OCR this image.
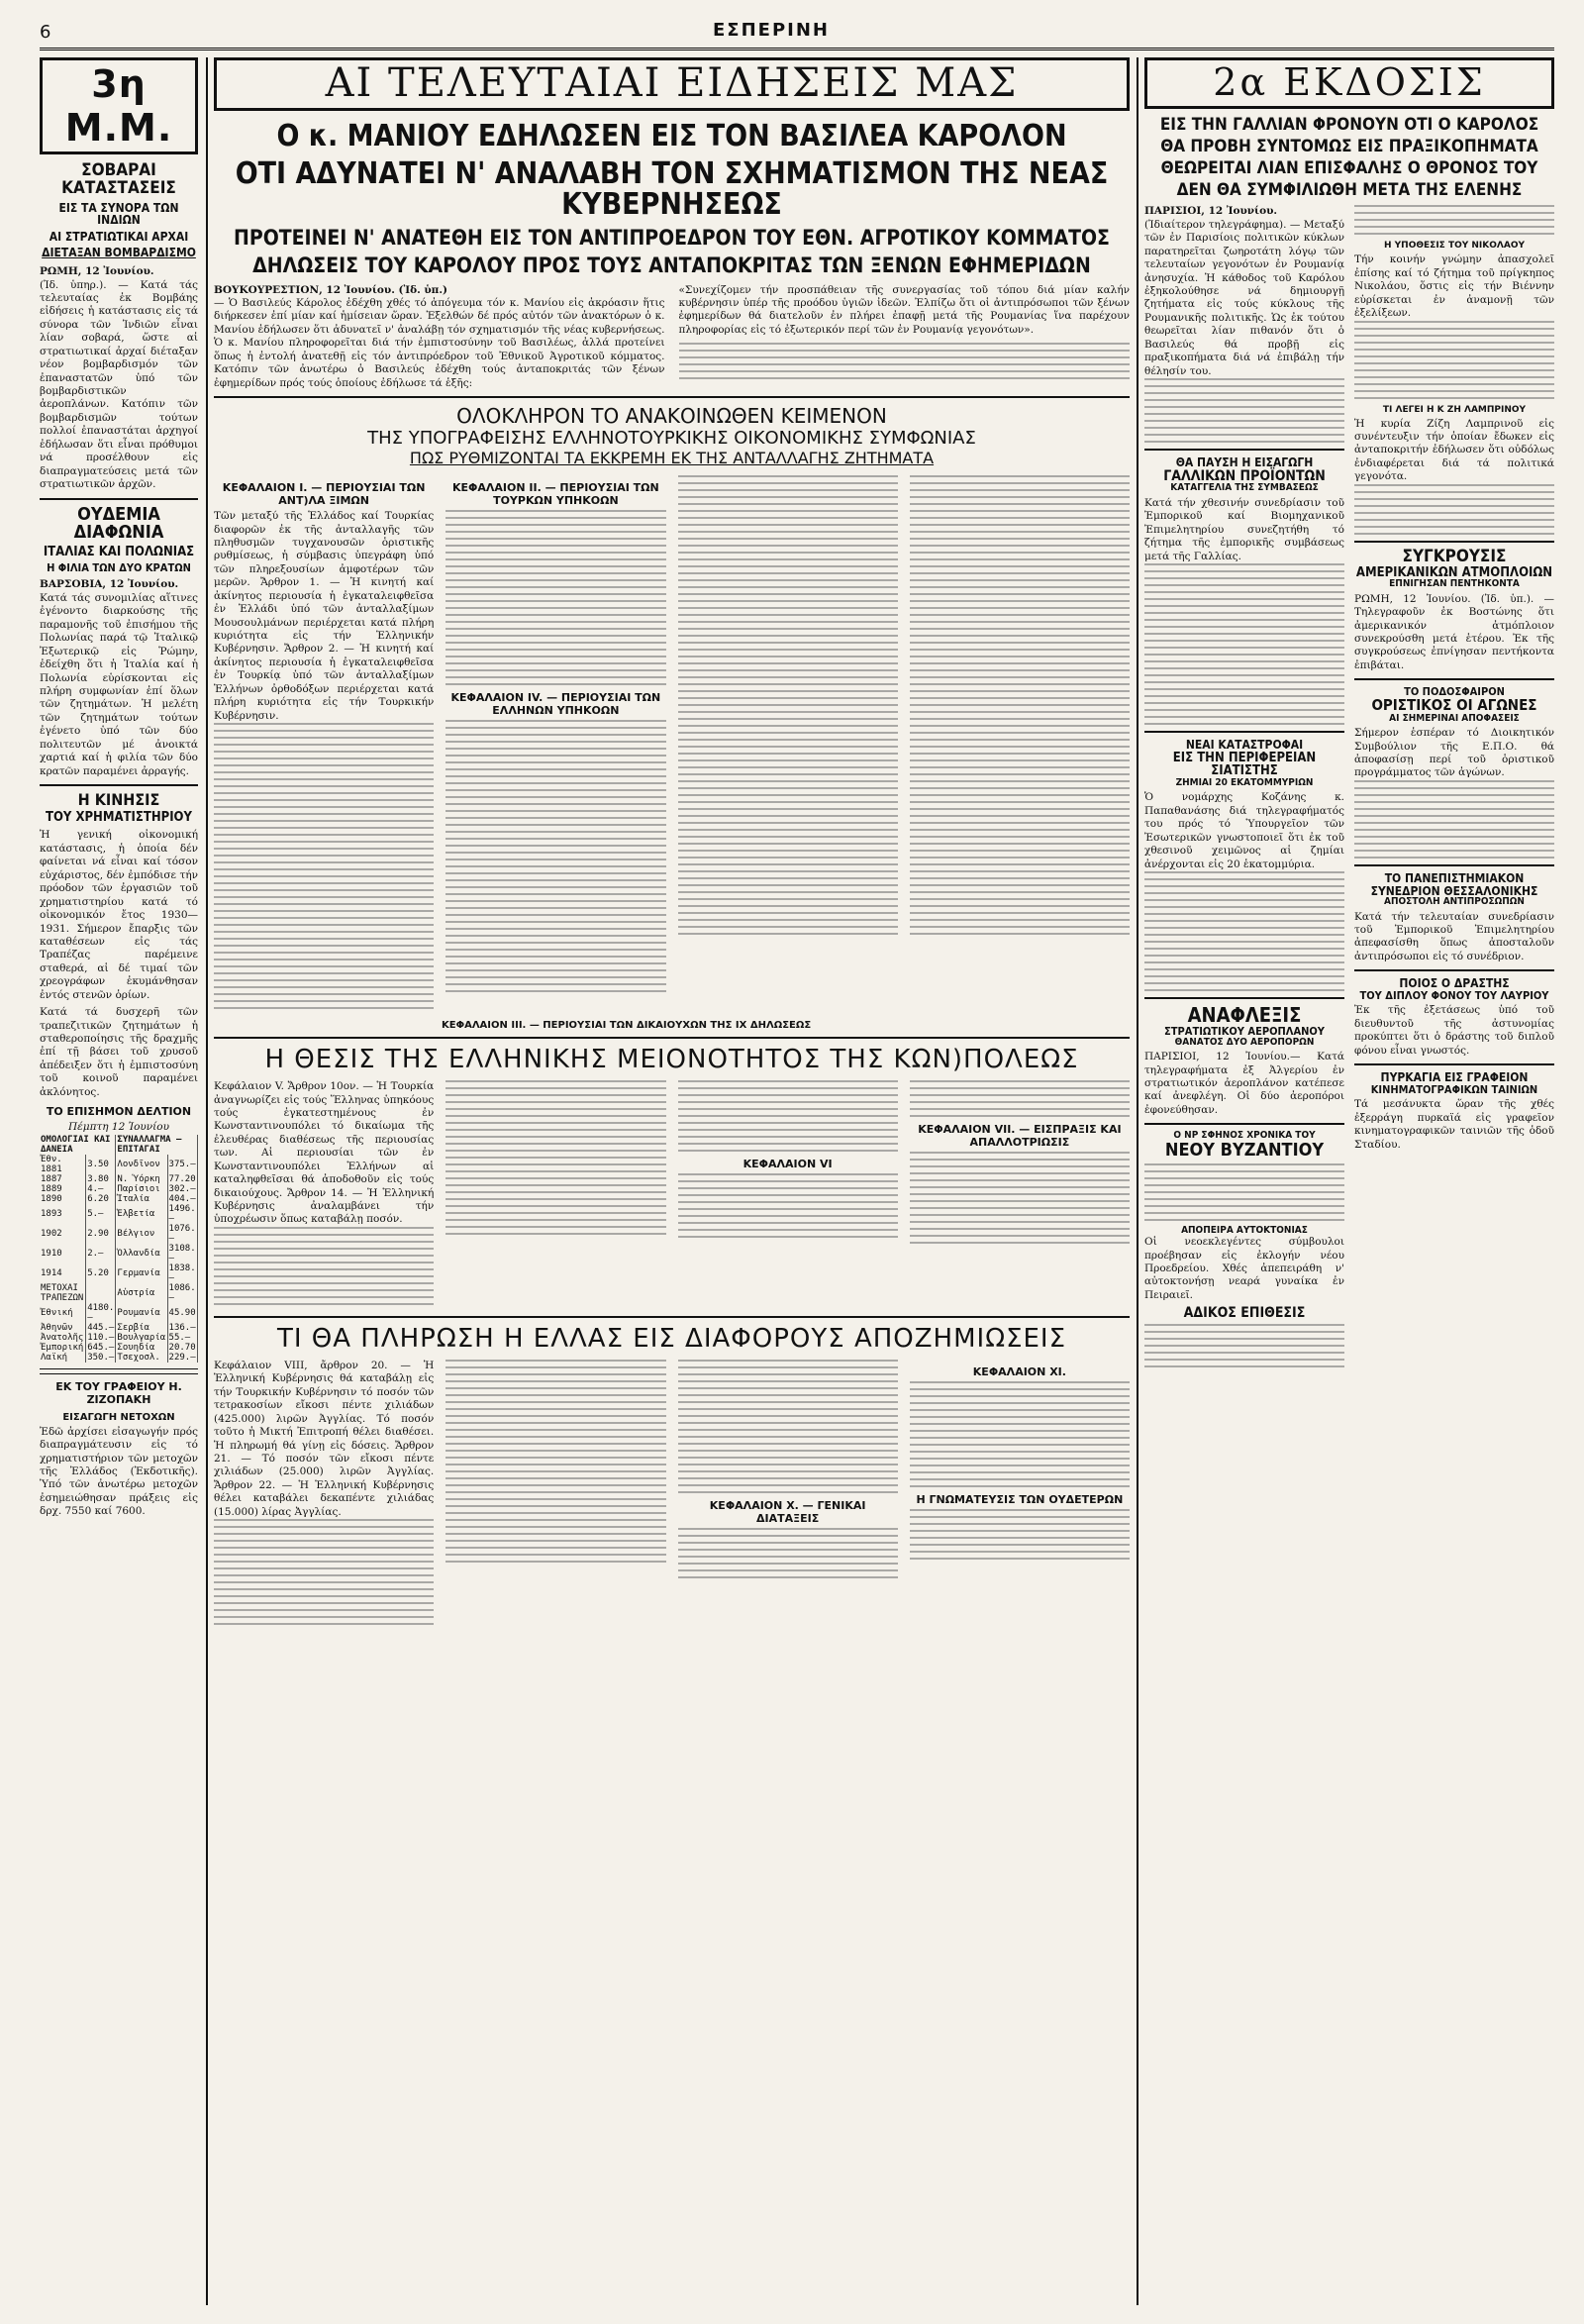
6	ΕΣΠΕΡΙΝΗ
3η Μ.Μ.
ΣΟΒΑΡΑΙ ΚΑΤΑΣΤΑΣΕΙΣ
ΕΙΣ ΤΑ ΣΥΝΟΡΑ ΤΩΝ ΙΝΔΙΩΝ
ΑΙ ΣΤΡΑΤΙΩΤΙΚΑΙ ΑΡΧΑΙ
ΔΙΕΤΑΞΑΝ ΒΟΜΒΑΡΔΙΣΜΟ
ΡΩΜΗ, 12 Ἰουνίου.
(Ἰδ. ὑπηρ.). — Κατά τάς τελευταίας ἐκ Βομβάης εἰδήσεις ἡ κατάστασις εἰς τά σύνορα τῶν Ἰνδιῶν εἶναι λίαν σοβαρά, ὥστε αἱ στρατιωτικαί ἀρχαί διέταξαν νέον βομβαρδισμόν τῶν ἐπαναστατῶν ὑπό τῶν βομβαρδιστικῶν ἀεροπλάνων. Κατόπιν τῶν βομβαρδισμῶν τούτων πολλοί ἐπαναστάται ἀρχηγοί ἐδήλωσαν ὅτι εἶναι πρόθυμοι νά προσέλθουν εἰς διαπραγματεύσεις μετά τῶν στρατιωτικῶν ἀρχῶν.
ΟΥΔΕΜΙΑ ΔΙΑΦΩΝΙΑ
ΙΤΑΛΙΑΣ ΚΑΙ ΠΟΛΩΝΙΑΣ
Η ΦΙΛΙΑ ΤΩΝ ΔΥΟ ΚΡΑΤΩΝ
ΒΑΡΣΟΒΙΑ, 12 Ἰουνίου.
Κατά τάς συνομιλίας αἵτινες ἐγένοντο διαρκούσης τῆς παραμονῆς τοῦ ἐπισήμου τῆς Πολωνίας παρά τῷ Ἰταλικῷ Ἐξωτερικῷ εἰς Ῥώμην, ἐδείχθη ὅτι ἡ Ἰταλία καί ἡ Πολωνία εὑρίσκονται εἰς πλήρη συμφωνίαν ἐπί ὅλων τῶν ζητημάτων. Ἡ μελέτη τῶν ζητημάτων τούτων ἐγένετο ὑπό τῶν δύο πολιτευτῶν μέ ἀνοικτά χαρτιά καί ἡ φιλία τῶν δύο κρατῶν παραμένει ἀρραγής.
Η ΚΙΝΗΣΙΣ
ΤΟΥ ΧΡΗΜΑΤΙΣΤΗΡΙΟΥ
Ἡ γενική οἰκονομική κατάστασις, ἡ ὁποία δέν φαίνεται νά εἶναι καί τόσον εὐχάριστος, δέν ἐμπόδισε τήν πρόοδον τῶν ἐργασιῶν τοῦ χρηματιστηρίου κατά τό οἰκονομικόν ἔτος 1930—1931. Σήμερον ἔπαρξις τῶν καταθέσεων εἰς τάς Τραπέζας παρέμεινε σταθερά, αἱ δέ τιμαί τῶν χρεογράφων ἐκυμάνθησαν ἐντός στενῶν ὁρίων.
Κατά τά δυσχερῆ τῶν τραπεζιτικῶν ζητημάτων ἡ σταθεροποίησις τῆς δραχμῆς ἐπί τῇ βάσει τοῦ χρυσοῦ ἀπέδειξεν ὅτι ἡ ἐμπιστοσύνη τοῦ κοινοῦ παραμένει ἀκλόνητος.
ΤΟ ΕΠΙΣΗΜΟΝ ΔΕΛΤΙΟΝ
Πέμπτη 12 Ἰουνίου
ΟΜΟΛΟΓΙΑΙ ΚΑΙ ΔΑΝΕΙΑ		ΣΥΝΑΛΛΑΓΜΑ — ΕΠΙΤΑΓΑΙ	
Ἐθν. 1881	3.50	Λονδῖνον	375.—
1887	3.80	Ν. Ὑόρκη	77.20
1889	4.—	Παρίσιοι	302.—
1890	6.20	Ἰταλία	404.—
1893	5.—	Ἑλβετία	1496.—
1902	2.90	Βέλγιον	1076.—
1910	2.—	Ὁλλανδία	3108.—
1914	5.20	Γερμανία	1838.—
ΜΕΤΟΧΑΙ ΤΡΑΠΕΖΩΝ		Αὐστρία	1086.—
Ἐθνική	4180.—	Ρουμανία	45.90
Ἀθηνῶν	445.—	Σερβία	136.—
Ἀνατολῆς	110.—	Βουλγαρία	55.—
Ἐμπορική	645.—	Σουηδία	20.70
Λαϊκή	350.—	Τσεχοσλ.	229.—
ΕΚ ΤΟΥ ΓΡΑΦΕΙΟΥ Η. ΖΙΖΟΠΑΚΗ
ΕΙΣΑΓΩΓΗ ΝΕΤΟΧΩΝ
Ἐδῶ ἀρχίσει εἰσαγωγήν πρός διαπραγμάτευσιν εἰς τό χρηματιστήριον τῶν μετοχῶν τῆς Ἐλλάδος (Ἐκδοτικῆς). Ὑπό τῶν ἀνωτέρω μετοχῶν ἐσημειώθησαν πράξεις εἰς δρχ. 7550 καί 7600.
ΑΙ ΤΕΛΕΥΤΑΙΑΙ ΕΙΔΗΣΕΙΣ ΜΑΣ
Ο κ. ΜΑΝΙΟΥ ΕΔΗΛΩΣΕΝ ΕΙΣ ΤΟΝ ΒΑΣΙΛΕΑ ΚΑΡΟΛΟΝ
ΟΤΙ ΑΔΥΝΑΤΕΙ Ν' ΑΝΑΛΑΒΗ ΤΟΝ ΣΧΗΜΑΤΙΣΜΟΝ ΤΗΣ ΝΕΑΣ ΚΥΒΕΡΝΗΣΕΩΣ
ΠΡΟΤΕΙΝΕΙ Ν' ΑΝΑΤΕΘΗ ΕΙΣ ΤΟΝ ΑΝΤΙΠΡΟΕΔΡΟΝ ΤΟΥ ΕΘΝ. ΑΓΡΟΤΙΚΟΥ ΚΟΜΜΑΤΟΣ
ΔΗΛΩΣΕΙΣ ΤΟΥ ΚΑΡΟΛΟΥ ΠΡΟΣ ΤΟΥΣ ΑΝΤΑΠΟΚΡΙΤΑΣ ΤΩΝ ΞΕΝΩΝ ΕΦΗΜΕΡΙΔΩΝ
ΒΟΥΚΟΥΡΕΣΤΙΟΝ, 12 Ἰουνίου. (Ἰδ. ὑπ.)
— Ὁ Βασιλεύς Κάρολος ἐδέχθη χθές τό ἀπόγευμα τόν κ. Μανίου εἰς ἀκρόασιν ἥτις διήρκεσεν ἐπί μίαν καί ἡμίσειαν ὥραν. Ἐξελθών δέ πρός αὐτόν τῶν ἀνακτόρων ὁ κ. Μανίου ἐδήλωσεν ὅτι ἀδυνατεῖ ν' ἀναλάβῃ τόν σχηματισμόν τῆς νέας κυβερνήσεως. Ὁ κ. Μανίου πληροφορεῖται διά τήν ἐμπιστοσύνην τοῦ Βασιλέως, ἀλλά προτείνει ὅπως ἡ ἐντολή ἀνατεθῇ εἰς τόν ἀντιπρόεδρον τοῦ Ἐθνικοῦ Ἀγροτικοῦ κόμματος. Κατόπιν τῶν ἀνωτέρω ὁ Βασιλεύς ἐδέχθη τούς ἀνταποκριτάς τῶν ξένων ἐφημερίδων πρός τούς ὁποίους ἐδήλωσε τά ἑξῆς:
«Συνεχίζομεν τήν προσπάθειαν τῆς συνεργασίας τοῦ τόπου διά μίαν καλήν κυβέρνησιν ὑπέρ τῆς προόδου ὑγιῶν ἰδεῶν. Ἐλπίζω ὅτι οἱ ἀντιπρόσωποι τῶν ξένων ἐφημερίδων θά διατελοῦν ἐν πλήρει ἐπαφῇ μετά τῆς Ρουμανίας ἵνα παρέχουν πληροφορίας εἰς τό ἐξωτερικόν περί τῶν ἐν Ρουμανίᾳ γεγονότων».
ΟΛΟΚΛΗΡΟΝ ΤΟ ΑΝΑΚΟΙΝΩΘΕΝ ΚΕΙΜΕΝΟΝ
ΤΗΣ ΥΠΟΓΡΑΦΕΙΣΗΣ ΕΛΛΗΝΟΤΟΥΡΚΙΚΗΣ ΟΙΚΟΝΟΜΙΚΗΣ ΣΥΜΦΩΝΙΑΣ
ΠΩΣ ΡΥΘΜΙΖΟΝΤΑΙ ΤΑ ΕΚΚΡΕΜΗ ΕΚ ΤΗΣ ΑΝΤΑΛΛΑΓΗΣ ΖΗΤΗΜΑΤΑ
ΚΕΦΑΛΑΙΟΝ Ι. — ΠΕΡΙΟΥΣΙΑΙ ΤΩΝ ΑΝΤ)ΛΑ ΞΙΜΩΝ
Τῶν μεταξύ τῆς Ἑλλάδος καί Τουρκίας διαφορῶν ἐκ τῆς ἀνταλλαγῆς τῶν πληθυσμῶν τυγχανουσῶν ὁριστικῆς ρυθμίσεως, ἡ σύμβασις ὑπεγράφη ὑπό τῶν πληρεξουσίων ἀμφοτέρων τῶν μερῶν. Ἄρθρον 1. — Ἡ κινητή καί ἀκίνητος περιουσία ἡ ἐγκαταλειφθεῖσα ἐν Ἑλλάδι ὑπό τῶν ἀνταλλαξίμων Μουσουλμάνων περιέρχεται κατά πλήρη κυριότητα εἰς τήν Ἑλληνικήν Κυβέρνησιν. Ἄρθρον 2. — Ἡ κινητή καί ἀκίνητος περιουσία ἡ ἐγκαταλειφθεῖσα ἐν Τουρκίᾳ ὑπό τῶν ἀνταλλαξίμων Ἑλλήνων ὀρθοδόξων περιέρχεται κατά πλήρη κυριότητα εἰς τήν Τουρκικήν Κυβέρνησιν.
ΚΕΦΑΛΑΙΟΝ ΙΙ. — ΠΕΡΙΟΥΣΙΑΙ ΤΩΝ ΤΟΥΡΚΩΝ ΥΠΗΚΟΩΝ
ΚΕΦΑΛΑΙΟΝ IV. — ΠΕΡΙΟΥΣΙΑΙ ΤΩΝ ΕΛΛΗΝΩΝ ΥΠΗΚΟΩΝ
ΚΕΦΑΛΑΙΟΝ ΙΙΙ. — ΠΕΡΙΟΥΣΙΑΙ ΤΩΝ ΔΙΚΑΙΟΥΧΩΝ ΤΗΣ ΙΧ ΔΗΛΩΣΕΩΣ
Η ΘΕΣΙΣ ΤΗΣ ΕΛΛΗΝΙΚΗΣ ΜΕΙΟΝΟΤΗΤΟΣ ΤΗΣ ΚΩΝ)ΠΟΛΕΩΣ
Κεφάλαιον V. Ἄρθρον 10ον. — Ἡ Τουρκία ἀναγνωρίζει εἰς τούς Ἕλληνας ὑπηκόους τούς ἐγκατεστημένους ἐν Κωνσταντινουπόλει τό δικαίωμα τῆς ἐλευθέρας διαθέσεως τῆς περιουσίας των. Αἱ περιουσίαι τῶν ἐν Κωνσταντινουπόλει Ἑλλήνων αἱ καταληφθεῖσαι θά ἀποδοθοῦν εἰς τούς δικαιούχους. Ἄρθρον 14. — Ἡ Ἑλληνική Κυβέρνησις ἀναλαμβάνει τήν ὑποχρέωσιν ὅπως καταβάλῃ ποσόν.
ΚΕΦΑΛΑΙΟΝ VI
ΚΕΦΑΛΑΙΟΝ VII. — ΕΙΣΠΡΑΞΙΣ ΚΑΙ ΑΠΑΛΛΟΤΡΙΩΣΙΣ
ΤΙ ΘΑ ΠΛΗΡΩΣΗ Η ΕΛΛΑΣ ΕΙΣ ΔΙΑΦΟΡΟΥΣ ΑΠΟΖΗΜΙΩΣΕΙΣ
Κεφάλαιον VIII, ἄρθρον 20. — Ἡ Ἑλληνική Κυβέρνησις θά καταβάλῃ εἰς τήν Τουρκικήν Κυβέρνησιν τό ποσόν τῶν τετρακοσίων εἴκοσι πέντε χιλιάδων (425.000) λιρῶν Ἀγγλίας. Τό ποσόν τοῦτο ἡ Μικτή Ἐπιτροπή θέλει διαθέσει. Ἡ πληρωμή θά γίνῃ εἰς δόσεις. Ἄρθρον 21. — Τό ποσόν τῶν εἴκοσι πέντε χιλιάδων (25.000) λιρῶν Ἀγγλίας. Ἄρθρον 22. — Ἡ Ἑλληνική Κυβέρνησις θέλει καταβάλει δεκαπέντε χιλιάδας (15.000) λίρας Ἀγγλίας.	ΚΕΦΑΛΑΙΟΝ X. — ΓΕΝΙΚΑΙ ΔΙΑΤΑΞΕΙΣ
ΚΕΦΑΛΑΙΟΝ XI.
Η ΓΝΩΜΑΤΕΥΣΙΣ ΤΩΝ ΟΥΔΕΤΕΡΩΝ
2α ΕΚΔΟΣΙΣ
ΕΙΣ ΤΗΝ ΓΑΛΛΙΑΝ ΦΡΟΝΟΥΝ ΟΤΙ Ο ΚΑΡΟΛΟΣ
ΘΑ ΠΡΟΒΗ ΣΥΝΤΟΜΩΣ ΕΙΣ ΠΡΑΞΙΚΟΠΗΜΑΤΑ
ΘΕΩΡΕΙΤΑΙ ΛΙΑΝ ΕΠΙΣΦΑΛΗΣ Ο ΘΡΟΝΟΣ ΤΟΥ
ΔΕΝ ΘΑ ΣΥΜΦΙΛΙΩΘΗ ΜΕΤΑ ΤΗΣ ΕΛΕΝΗΣ
ΠΑΡΙΣΙΟΙ, 12 Ἰουνίου.
(Ἰδιαίτερον τηλεγράφημα). — Μεταξύ τῶν ἐν Παρισίοις πολιτικῶν κύκλων παρατηρεῖται ζωηροτάτη λόγῳ τῶν τελευταίων γεγονότων ἐν Ρουμανίᾳ ἀνησυχία. Ἡ κάθοδος τοῦ Καρόλου ἐξηκολούθησε νά δημιουργῇ ζητήματα εἰς τούς κύκλους τῆς Ρουμανικῆς πολιτικῆς. Ὡς ἐκ τούτου θεωρεῖται λίαν πιθανόν ὅτι ὁ Βασιλεύς θά προβῇ εἰς πραξικοπήματα διά νά ἐπιβάλῃ τήν θέλησίν του.
ΘΑ ΠΑΥΣΗ Η ΕΙΣΑΓΩΓΗ
ΓΑΛΛΙΚΩΝ ΠΡΟΪΟΝΤΩΝ
ΚΑΤΑΓΓΕΛΙΑ ΤΗΣ ΣΥΜΒΑΣΕΩΣ
Κατά τήν χθεσινήν συνεδρίασιν τοῦ Ἐμπορικοῦ καί Βιομηχανικοῦ Ἐπιμελητηρίου συνεζητήθη τό ζήτημα τῆς ἐμπορικῆς συμβάσεως μετά τῆς Γαλλίας.
ΝΕΑΙ ΚΑΤΑΣΤΡΟΦΑΙ
ΕΙΣ ΤΗΝ ΠΕΡΙΦΕΡΕΙΑΝ ΣΙΑΤΙΣΤΗΣ
ΖΗΜΙΑΙ 20 ΕΚΑΤΟΜΜΥΡΙΩΝ
Ὁ νομάρχης Κοζάνης κ. Παπαθανάσης διά τηλεγραφήματός του πρός τό Ὑπουργεῖον τῶν Ἐσωτερικῶν γνωστοποιεῖ ὅτι ἐκ τοῦ χθεσινοῦ χειμῶνος αἱ ζημίαι ἀνέρχονται εἰς 20 ἑκατομμύρια.
ΑΝΑΦΛΕΞΙΣ
ΣΤΡΑΤΙΩΤΙΚΟΥ ΑΕΡΟΠΛΑΝΟΥ
ΘΑΝΑΤΟΣ ΔΥΟ ΑΕΡΟΠΟΡΩΝ
ΠΑΡΙΣΙΟΙ, 12 Ἰουνίου.— Κατά τηλεγραφήματα ἐξ Ἀλγερίου ἐν στρατιωτικόν ἀεροπλάνον κατέπεσε καί ἀνεφλέγη. Οἱ δύο ἀεροπόροι ἐφονεύθησαν.
Ο ΝΡ ΣΦΗΝΟΣ ΧΡΟΝΙΚΑ ΤΟΥ
ΝΕΟΥ ΒΥΖΑΝΤΙΟΥ
ΑΠΟΠΕΙΡΑ ΑΥΤΟΚΤΟΝΙΑΣ
Οἱ νεοεκλεγέντες σύμβουλοι προέβησαν εἰς ἐκλογήν νέου Προεδρείου. Χθές ἀπεπειράθη ν' αὐτοκτονήσῃ νεαρά γυναίκα ἐν Πειραιεῖ.
ΑΔΙΚΟΣ ΕΠΙΘΕΣΙΣ
Η ΥΠΟΘΕΣΙΣ ΤΟΥ ΝΙΚΟΛΑΟΥ
Τήν κοινήν γνώμην ἀπασχολεῖ ἐπίσης καί τό ζήτημα τοῦ πρίγκηπος Νικολάου, ὅστις εἰς τήν Βιέννην εὑρίσκεται ἐν ἀναμονῇ τῶν ἐξελίξεων.
ΤΙ ΛΕΓΕΙ Η Κ ΖΗ ΛΑΜΠΡΙΝΟΥ
Ἡ κυρία Ζίζη Λαμπρινοῦ εἰς συνέντευξιν τήν ὁποίαν ἔδωκεν εἰς ἀνταποκριτήν ἐδήλωσεν ὅτι οὐδόλως ἐνδιαφέρεται διά τά πολιτικά γεγονότα.
ΣΥΓΚΡΟΥΣΙΣ
ΑΜΕΡΙΚΑΝΙΚΩΝ ΑΤΜΟΠΛΟΙΩΝ
ΕΠΝΙΓΗΣΑΝ ΠΕΝΤΗΚΟΝΤΑ
ΡΩΜΗ, 12 Ἰουνίου. (Ἰδ. ὑπ.). — Τηλεγραφοῦν ἐκ Βοστώνης ὅτι ἀμερικανικόν ἀτμόπλοιον συνεκρούσθη μετά ἑτέρου. Ἐκ τῆς συγκρούσεως ἐπνίγησαν πεντήκοντα ἐπιβάται.
ΤΟ ΠΟΔΟΣΦΑΙΡΟΝ
ΟΡΙΣΤΙΚΟΣ ΟΙ ΑΓΩΝΕΣ
ΑΙ ΣΗΜΕΡΙΝΑΙ ΑΠΟΦΑΣΕΙΣ
Σήμερον ἑσπέραν τό Διοικητικόν Συμβούλιον τῆς Ε.Π.Ο. θά ἀποφασίσῃ περί τοῦ ὁριστικοῦ προγράμματος τῶν ἀγώνων.
ΤΟ ΠΑΝΕΠΙΣΤΗΜΙΑΚΟΝ
ΣΥΝΕΔΡΙΟΝ ΘΕΣΣΑΛΟΝΙΚΗΣ
ΑΠΟΣΤΟΛΗ ΑΝΤΙΠΡΟΣΩΠΩΝ
Κατά τήν τελευταίαν συνεδρίασιν τοῦ Ἐμπορικοῦ Ἐπιμελητηρίου ἀπεφασίσθη ὅπως ἀποσταλοῦν ἀντιπρόσωποι εἰς τό συνέδριον.
ΠΟΙΟΣ Ο ΔΡΑΣΤΗΣ
ΤΟΥ ΔΙΠΛΟΥ ΦΟΝΟΥ ΤΟΥ ΛΑΥΡΙΟΥ
Ἐκ τῆς ἐξετάσεως ὑπό τοῦ διευθυντοῦ τῆς ἀστυνομίας προκύπτει ὅτι ὁ δράστης τοῦ διπλοῦ φόνου εἶναι γνωστός.
ΠΥΡΚΑΓΙΑ ΕΙΣ ΓΡΑΦΕΙΟΝ
ΚΙΝΗΜΑΤΟΓΡΑΦΙΚΩΝ ΤΑΙΝΙΩΝ
Τά μεσάνυκτα ὥραν τῆς χθές ἐξερράγη πυρκαϊά εἰς γραφεῖον κινηματογραφικῶν ταινιῶν τῆς ὁδοῦ Σταδίου.
